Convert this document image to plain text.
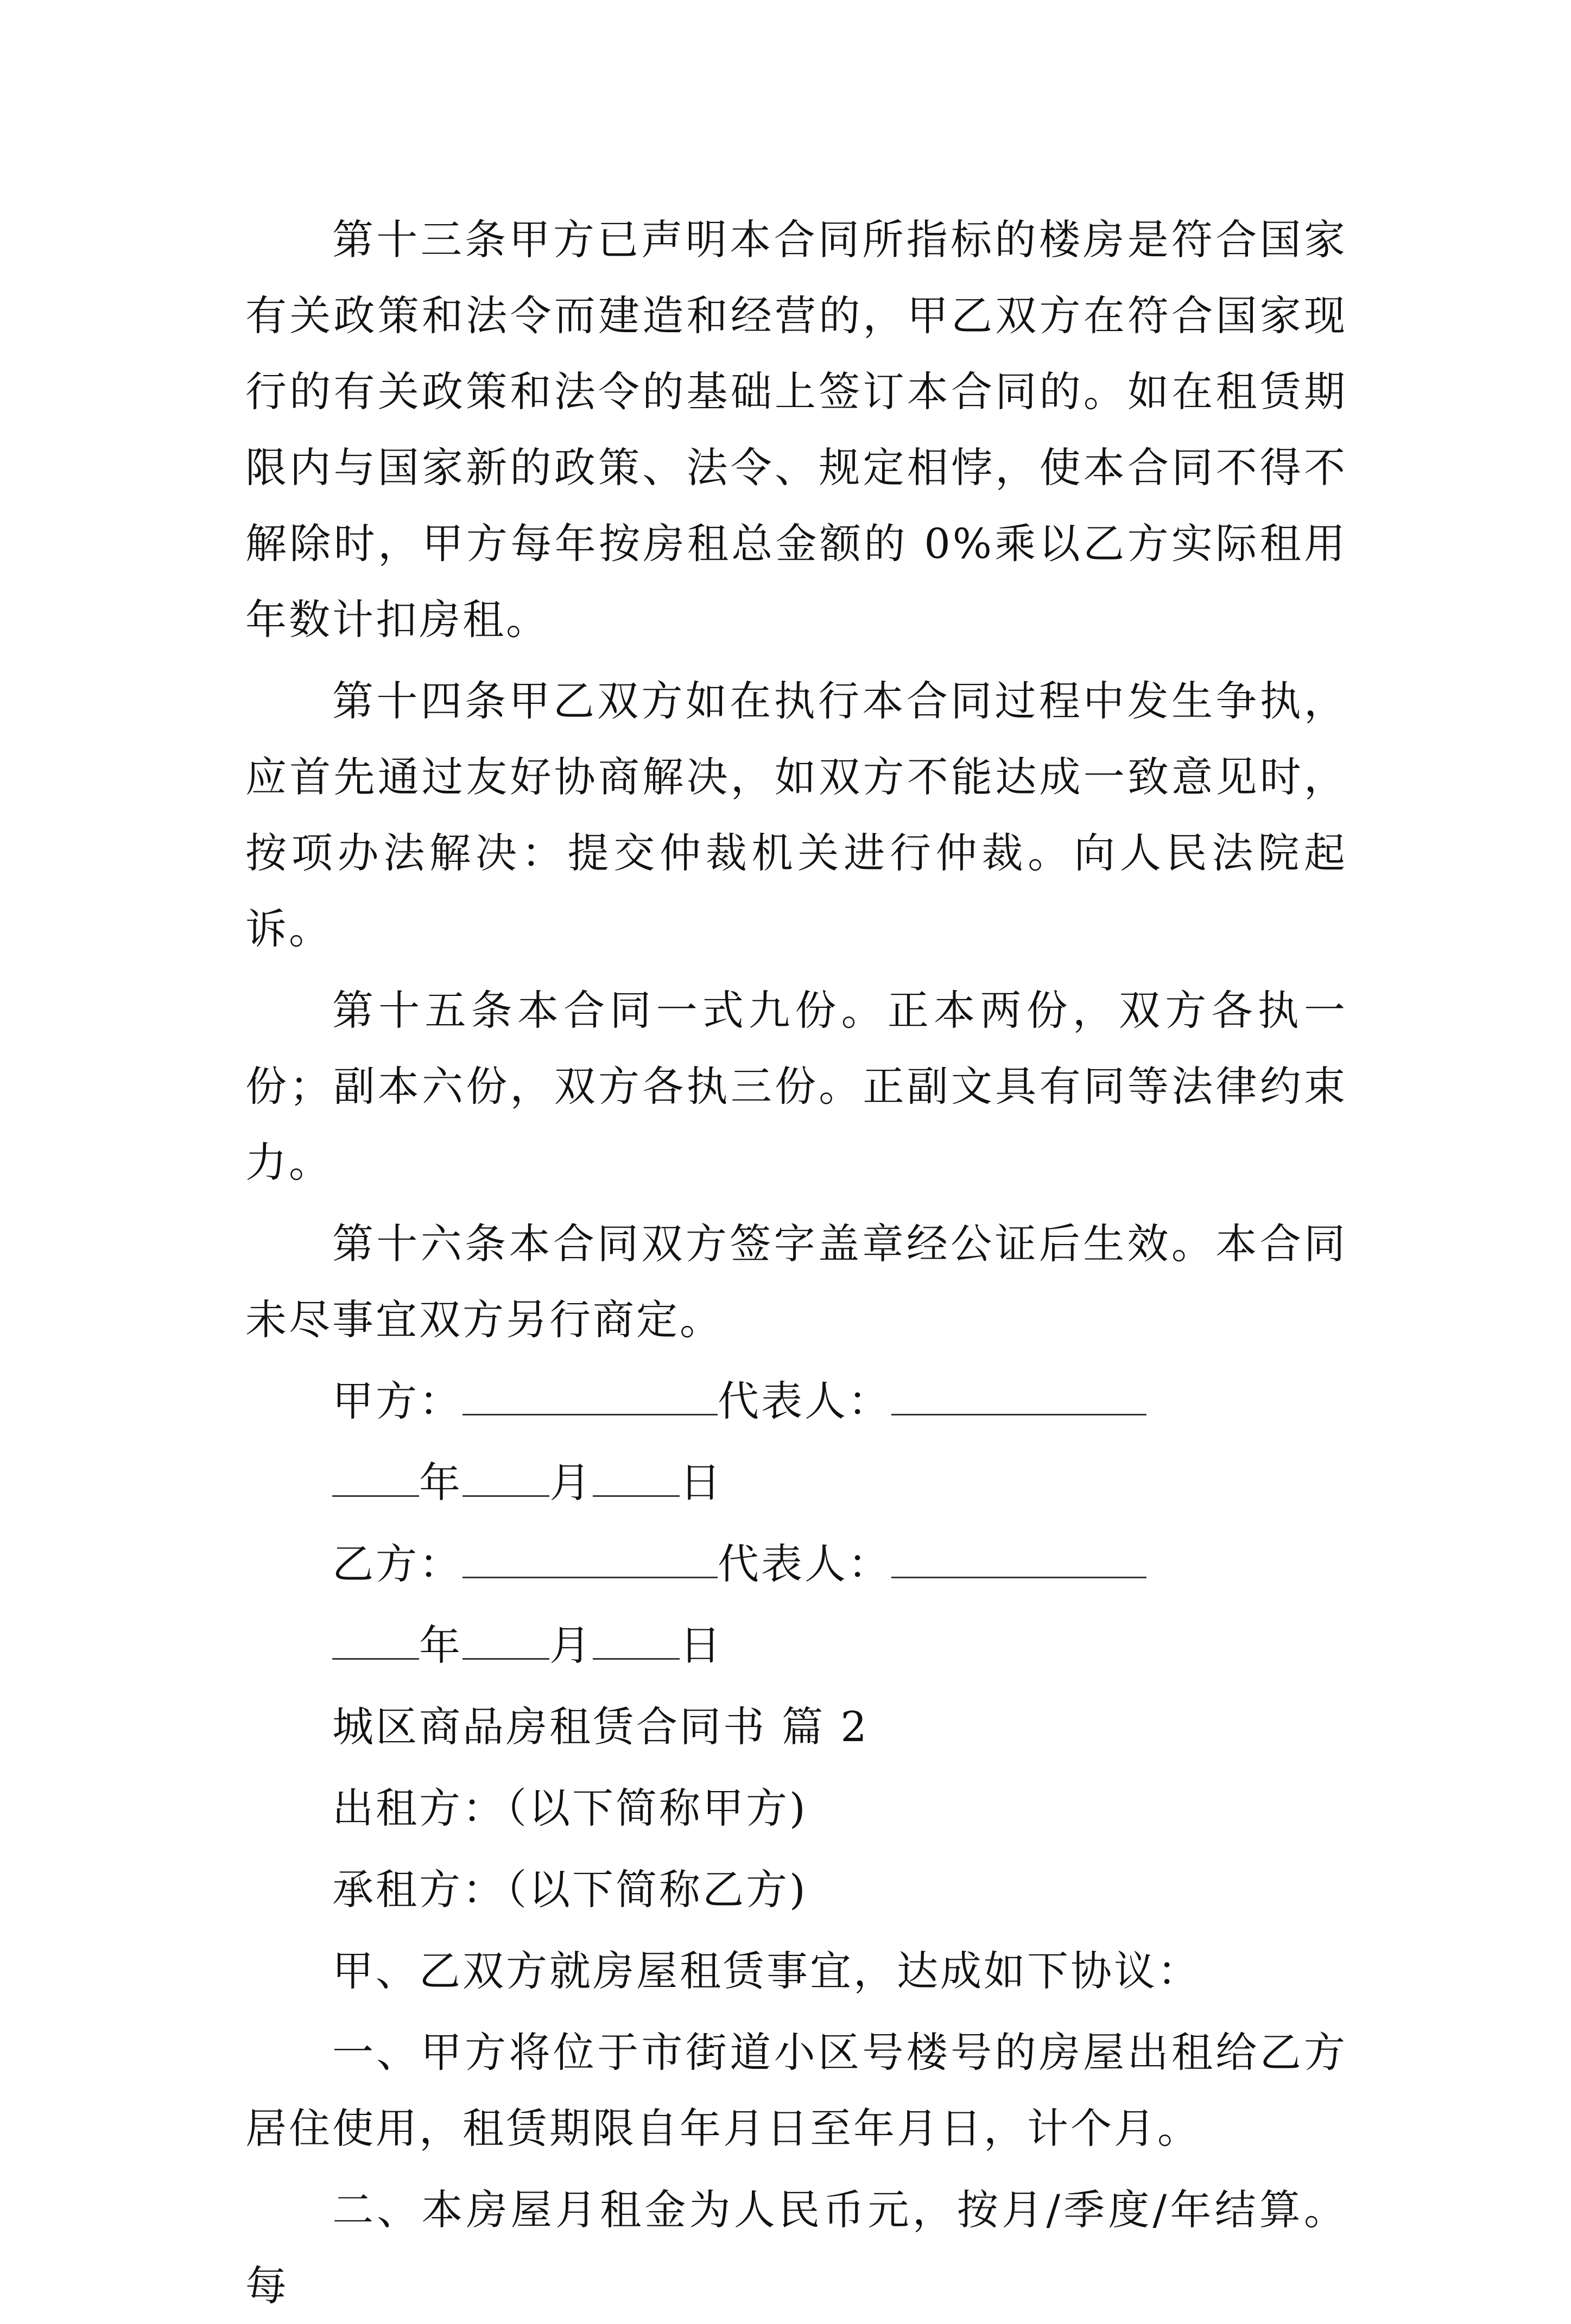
第十三条甲方已声明本合同所指标的楼房是符合国家有关政策和法令而建造和经营的，甲乙双方在符合国家现行的有关政策和法令的基础上签订本合同的。如在租赁期限内与国家新的政策、法令、规定相悖，使本合同不得不解除时，甲方每年按房租总金额的 0%乘以乙方实际租用年数计扣房租。

第十四条甲乙双方如在执行本合同过程中发生争执，应首先通过友好协商解决，如双方不能达成一致意见时，按项办法解决：提交仲裁机关进行仲裁。向人民法院起诉。

第十五条本合同一式九份。正本两份，双方各执一份；副本六份，双方各执三份。正副文具有同等法律约束力。

第十六条本合同双方签字盖章经公证后生效。本合同未尽事宜双方另行商定。

甲方：	代表人：

年 月 日

乙方：	代表人：

年 月 日

城区商品房租赁合同书 篇 2

出租方：（以下简称甲方)

承租方：（以下简称乙方)

甲、乙双方就房屋租赁事宜，达成如下协议：

一、甲方将位于市街道小区号楼号的房屋出租给乙方居住使用，租赁期限自年月日至年月日，计个月。

二、本房屋月租金为人民币元，按月/季度/年结算。每
